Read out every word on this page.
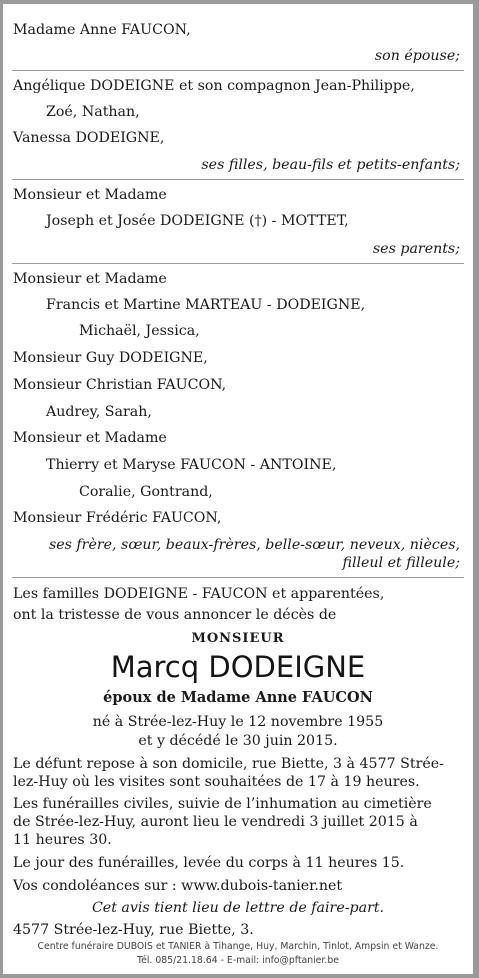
Madame Anne FAUCON,
son épouse;
Angélique DODEIGNE et son compagnon Jean-Philippe,
Zoé, Nathan,
Vanessa DODEIGNE,
ses filles, beau-fils et petits-enfants;
Monsieur et Madame
Joseph et Josée DODEIGNE (†) - MOTTET,
ses parents;
Monsieur et Madame
Francis et Martine MARTEAU - DODEIGNE,
Michaël, Jessica,
Monsieur Guy DODEIGNE,
Monsieur Christian FAUCON,
Audrey, Sarah,
Monsieur et Madame
Thierry et Maryse FAUCON - ANTOINE,
Coralie, Gontrand,
Monsieur Frédéric FAUCON,
ses frère, sœur, beaux-frères, belle-sœur, neveux, nièces,
filleul et filleule;
Les familles DODEIGNE - FAUCON et apparentées,
ont la tristesse de vous annoncer le décès de
MONSIEUR
Marcq DODEIGNE
époux de Madame Anne FAUCON
né à Strée-lez-Huy le 12 novembre 1955
et y décédé le 30 juin 2015.
Le défunt repose à son domicile, rue Biette, 3 à 4577 Strée-
lez-Huy où les visites sont souhaitées de 17 à 19 heures.
Les funérailles civiles, suivie de l’inhumation au cimetière
de Strée-lez-Huy, auront lieu le vendredi 3 juillet 2015 à
11 heures 30.
Le jour des funérailles, levée du corps à 11 heures 15.
Vos condoléances sur : www.dubois-tanier.net
Cet avis tient lieu de lettre de faire-part.
4577 Strée-lez-Huy, rue Biette, 3.
Centre funéraire DUBOIS et TANIER à Tihange, Huy, Marchin, Tinlot, Ampsin et Wanze.
Tél. 085/21.18.64 - E-mail: info@pftanier.be
